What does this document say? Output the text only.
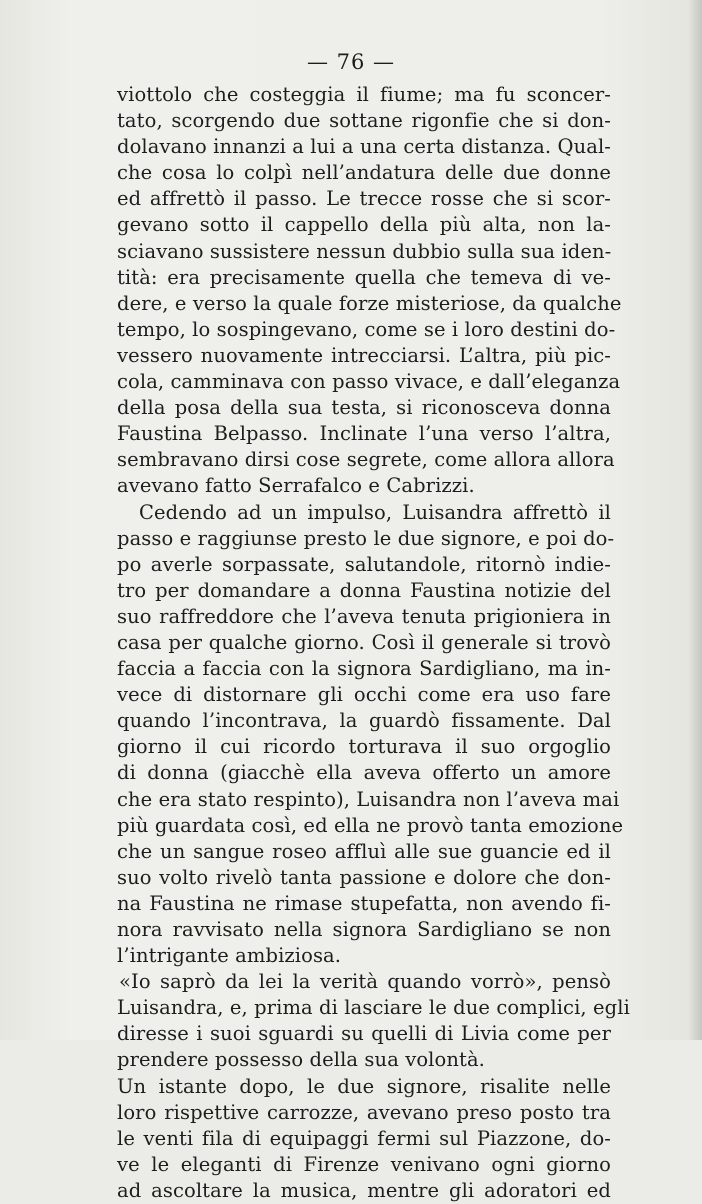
— 76 —
viottolo che costeggia il fiume; ma fu sconcer-
tato, scorgendo due sottane rigonfie che si don-
dolavano innanzi a lui a una certa distanza. Qual-
che cosa lo colpì nell’andatura delle due donne
ed affrettò il passo. Le trecce rosse che si scor-
gevano sotto il cappello della più alta, non la-
sciavano sussistere nessun dubbio sulla sua iden-
tità: era precisamente quella che temeva di ve-
dere, e verso la quale forze misteriose, da qualche
tempo, lo sospingevano, come se i loro destini do-
vessero nuovamente intrecciarsi. L’altra, più pic-
cola, camminava con passo vivace, e dall’eleganza
della posa della sua testa, si riconosceva donna
Faustina Belpasso. Inclinate l’una verso l’altra,
sembravano dirsi cose segrete, come allora allora
avevano fatto Serrafalco e Cabrizzi.
Cedendo ad un impulso, Luisandra affrettò il
passo e raggiunse presto le due signore, e poi do-
po averle sorpassate, salutandole, ritornò indie-
tro per domandare a donna Faustina notizie del
suo raffreddore che l’aveva tenuta prigioniera in
casa per qualche giorno. Così il generale si trovò
faccia a faccia con la signora Sardigliano, ma in-
vece di distornare gli occhi come era uso fare
quando l’incontrava, la guardò fissamente. Dal
giorno il cui ricordo torturava il suo orgoglio
di donna (giacchè ella aveva offerto un amore
che era stato respinto), Luisandra non l’aveva mai
più guardata così, ed ella ne provò tanta emozione
che un sangue roseo affluì alle sue guancie ed il
suo volto rivelò tanta passione e dolore che don-
na Faustina ne rimase stupefatta, non avendo fi-
nora ravvisato nella signora Sardigliano se non
l’intrigante ambiziosa.
«Io saprò da lei la verità quando vorrò», pensò
Luisandra, e, prima di lasciare le due complici, egli
diresse i suoi sguardi su quelli di Livia come per
prendere possesso della sua volontà.
Un istante dopo, le due signore, risalite nelle
loro rispettive carrozze, avevano preso posto tra
le venti fila di equipaggi fermi sul Piazzone, do-
ve le eleganti di Firenze venivano ogni giorno
ad ascoltare la musica, mentre gli adoratori ed
